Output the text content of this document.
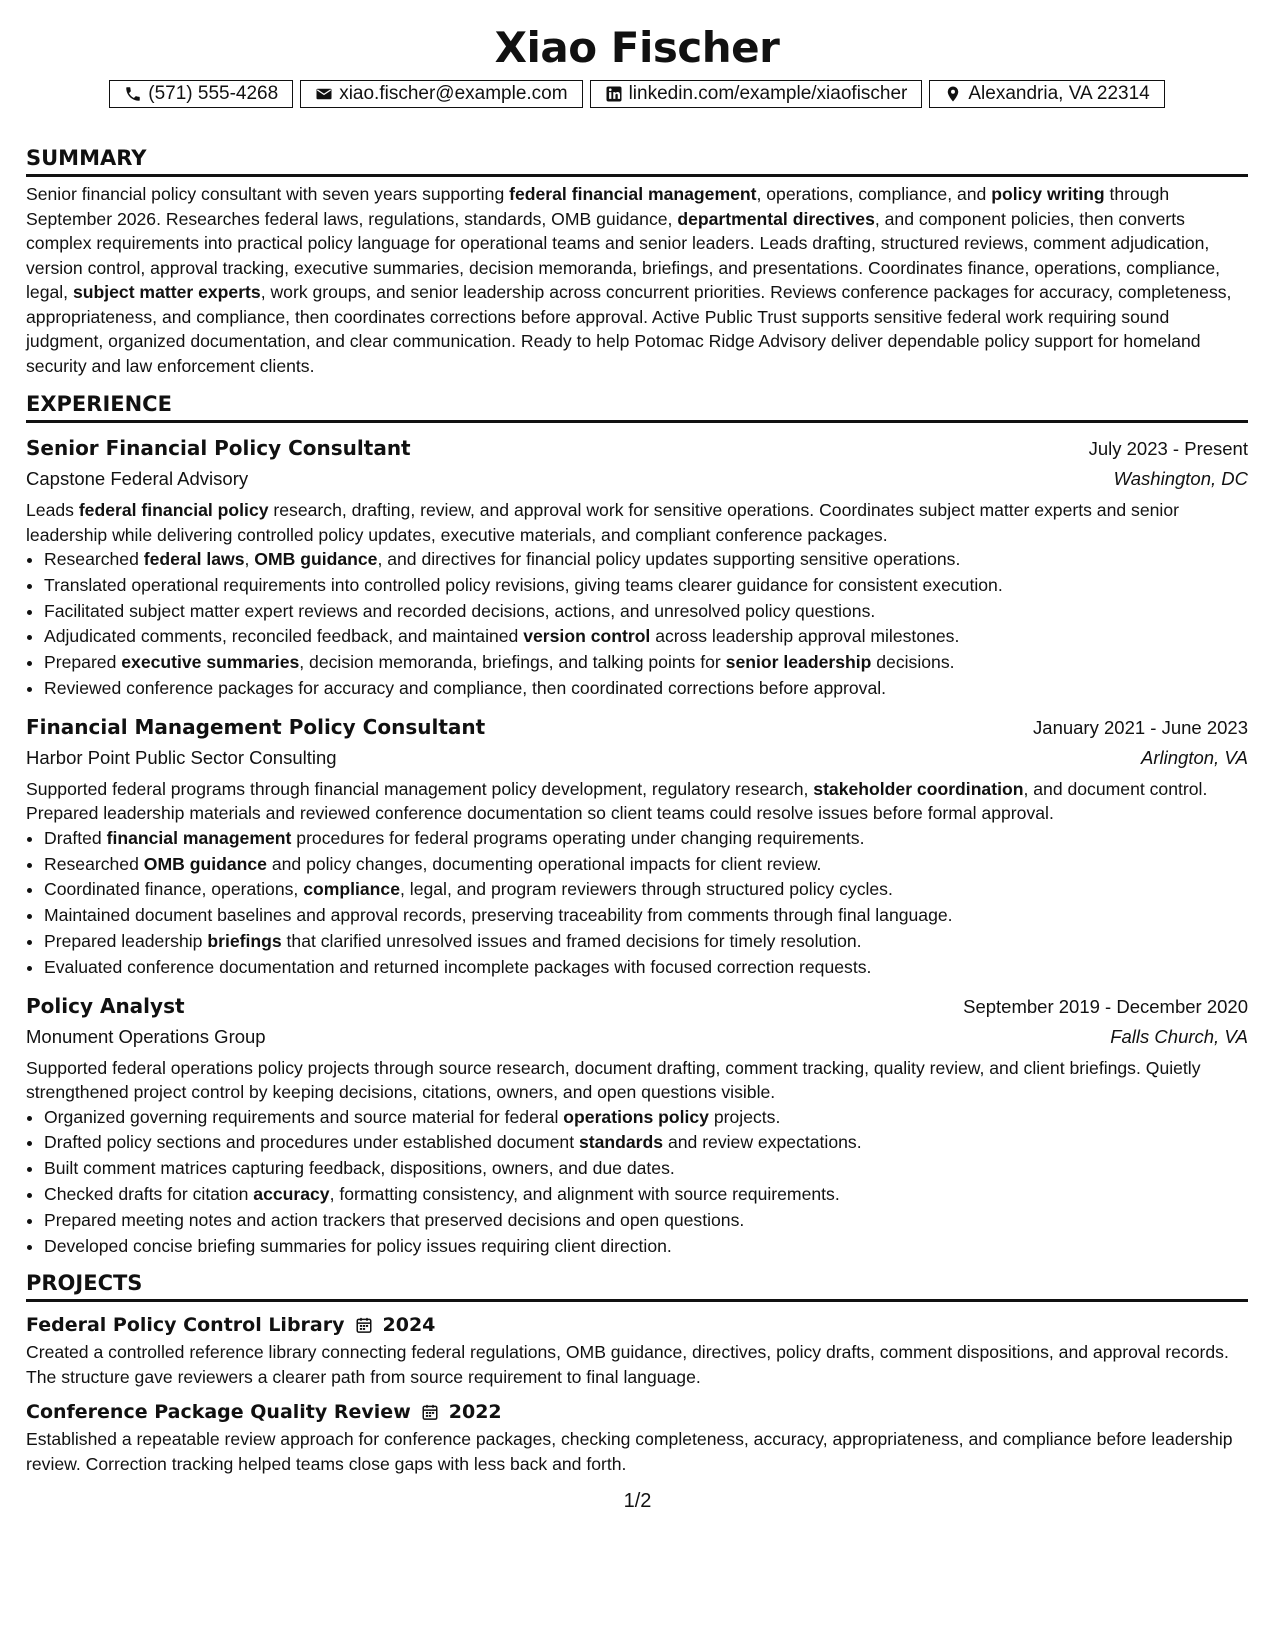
Xiao Fischer
(571) 555-4268	xiao.fischer@example.com	linkedin.com/example/xiaofischer	Alexandria, VA 22314
SUMMARY

Senior financial policy consultant with seven years supporting federal financial management, operations, compliance, and policy writing through September 2026. Researches federal laws, regulations, standards, OMB guidance, departmental directives, and component policies, then converts complex requirements into practical policy language for operational teams and senior leaders. Leads drafting, structured reviews, comment adjudication, version control, approval tracking, executive summaries, decision memoranda, briefings, and presentations. Coordinates finance, operations, compliance, legal, subject matter experts, work groups, and senior leadership across concurrent priorities. Reviews conference packages for accuracy, completeness, appropriateness, and compliance, then coordinates corrections before approval. Active Public Trust supports sensitive federal work requiring sound judgment, organized documentation, and clear communication. Ready to help Potomac Ridge Advisory deliver dependable policy support for homeland security and law enforcement clients.

EXPERIENCE
Senior Financial Policy Consultant	July 2023 - Present
Capstone Federal Advisory	Washington, DC

Leads federal financial policy research, drafting, review, and approval work for sensitive operations. Coordinates subject matter experts and senior leadership while delivering controlled policy updates, executive materials, and compliant conference packages.

• Researched federal laws, OMB guidance, and directives for financial policy updates supporting sensitive operations.
• Translated operational requirements into controlled policy revisions, giving teams clearer guidance for consistent execution.
• Facilitated subject matter expert reviews and recorded decisions, actions, and unresolved policy questions.
• Adjudicated comments, reconciled feedback, and maintained version control across leadership approval milestones.
• Prepared executive summaries, decision memoranda, briefings, and talking points for senior leadership decisions.
• Reviewed conference packages for accuracy and compliance, then coordinated corrections before approval.
Financial Management Policy Consultant	January 2021 - June 2023
Harbor Point Public Sector Consulting	Arlington, VA

Supported federal programs through financial management policy development, regulatory research, stakeholder coordination, and document control. Prepared leadership materials and reviewed conference documentation so client teams could resolve issues before formal approval.

• Drafted financial management procedures for federal programs operating under changing requirements.
• Researched OMB guidance and policy changes, documenting operational impacts for client review.
• Coordinated finance, operations, compliance, legal, and program reviewers through structured policy cycles.
• Maintained document baselines and approval records, preserving traceability from comments through final language.
• Prepared leadership briefings that clarified unresolved issues and framed decisions for timely resolution.
• Evaluated conference documentation and returned incomplete packages with focused correction requests.
Policy Analyst	September 2019 - December 2020
Monument Operations Group	Falls Church, VA

Supported federal operations policy projects through source research, document drafting, comment tracking, quality review, and client briefings. Quietly strengthened project control by keeping decisions, citations, owners, and open questions visible.

• Organized governing requirements and source material for federal operations policy projects.
• Drafted policy sections and procedures under established document standards and review expectations.
• Built comment matrices capturing feedback, dispositions, owners, and due dates.
• Checked drafts for citation accuracy, formatting consistency, and alignment with source requirements.
• Prepared meeting notes and action trackers that preserved decisions and open questions.
• Developed concise briefing summaries for policy issues requiring client direction.
PROJECTS
Federal Policy Control Library 2024

Created a controlled reference library connecting federal regulations, OMB guidance, directives, policy drafts, comment dispositions, and approval records. The structure gave reviewers a clearer path from source requirement to final language.

Conference Package Quality Review 2022

Established a repeatable review approach for conference packages, checking completeness, accuracy, appropriateness, and compliance before leadership review. Correction tracking helped teams close gaps with less back and forth.

1/2
